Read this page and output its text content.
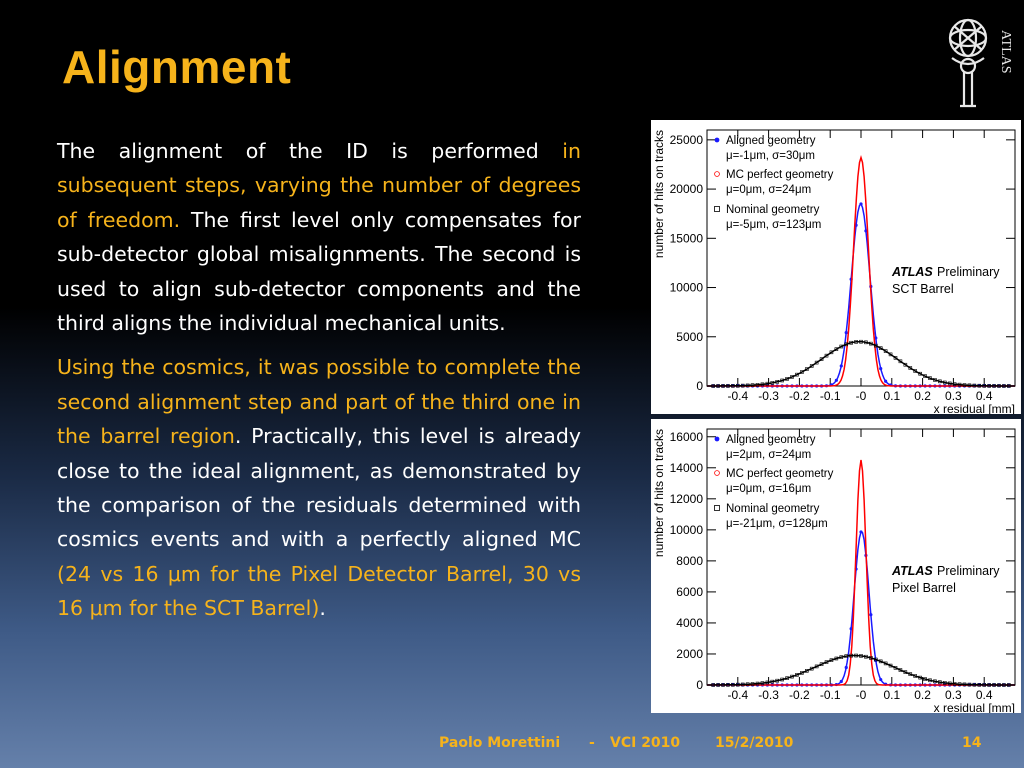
Alignment	ATLAS

The alignment of the ID is performed in subsequent steps, varying the number of degrees of freedom. The first level only compensates for sub-detector global misalignments. The second is used to align sub-detector components and the third aligns the individual mechanical units.

Using the cosmics, it was possible to complete the second alignment step and part of the third one in the barrel region. Practically, this level is already close to the ideal alignment, as demonstrated by the comparison of the residuals determined with cosmics events and with a perfectly aligned MC (24 vs 16 μm for the Pixel Detector Barrel, 30 vs 16 μm for the SCT Barrel).

-0.4 -0.3 -0.2 -0.1 -0 0.1 0.2 0.3 0.4
0
5000
10000
15000
20000
25000
x residual [mm]
number of hits on tracks	Aligned geometry
μ=-1μm, σ=30μm
MC perfect geometry
μ=0μm, σ=24μm
Nominal geometry
μ=-5μm, σ=123μm
ATLAS Preliminary
SCT Barrel
-0.4 -0.3 -0.2 -0.1 -0 0.1 0.2 0.3 0.4
0
2000
4000
6000
8000
10000
12000
14000
16000
x residual [mm]
number of hits on tracks	Aligned geometry
μ=2μm, σ=24μm
MC perfect geometry
μ=0μm, σ=16μm
Nominal geometry
μ=-21μm, σ=128μm
ATLAS Preliminary
Pixel Barrel
Paolo Morettini - VCI 2010 15/2/2010	14
